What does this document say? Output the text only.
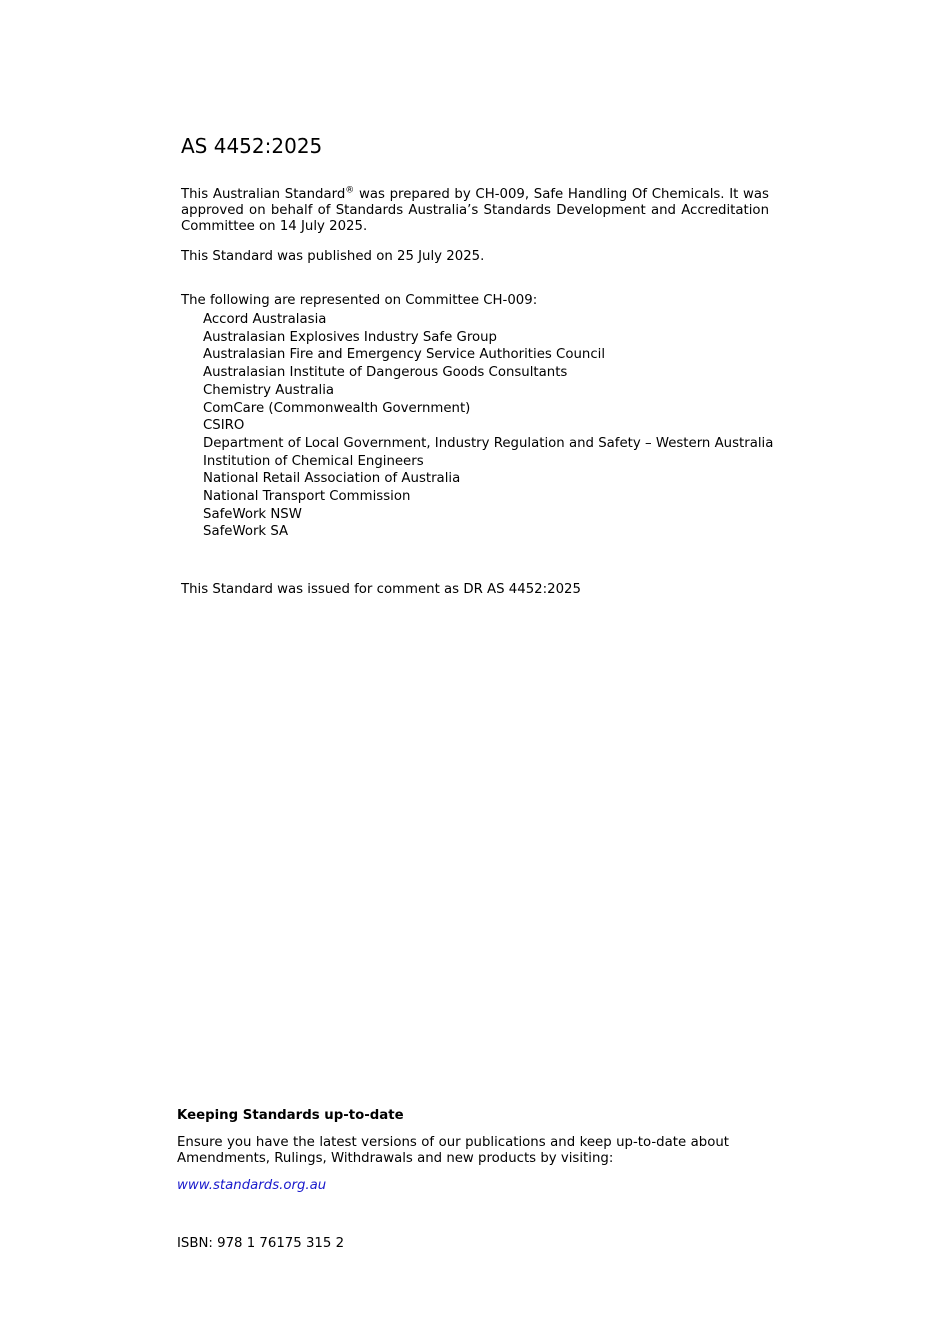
AS 4452:2025

This Australian Standard® was prepared by CH-009, Safe Handling Of Chemicals. It was approved on behalf of Standards Australia’s Standards Development and Accreditation Committee on 14 July 2025.

This Standard was published on 25 July 2025.
The following are represented on Committee CH-009:
Accord Australasia
Australasian Explosives Industry Safe Group
Australasian Fire and Emergency Service Authorities Council
Australasian Institute of Dangerous Goods Consultants
Chemistry Australia
ComCare (Commonwealth Government)
CSIRO
Department of Local Government, Industry Regulation and Safety – Western Australia
Institution of Chemical Engineers
National Retail Association of Australia
National Transport Commission
SafeWork NSW
SafeWork SA
This Standard was issued for comment as DR AS 4452:2025
Keeping Standards up-to-date

Ensure you have the latest versions of our publications and keep up-to-date about Amendments, Rulings, Withdrawals and new products by visiting:

www.standards.org.au
ISBN: 978 1 76175 315 2
